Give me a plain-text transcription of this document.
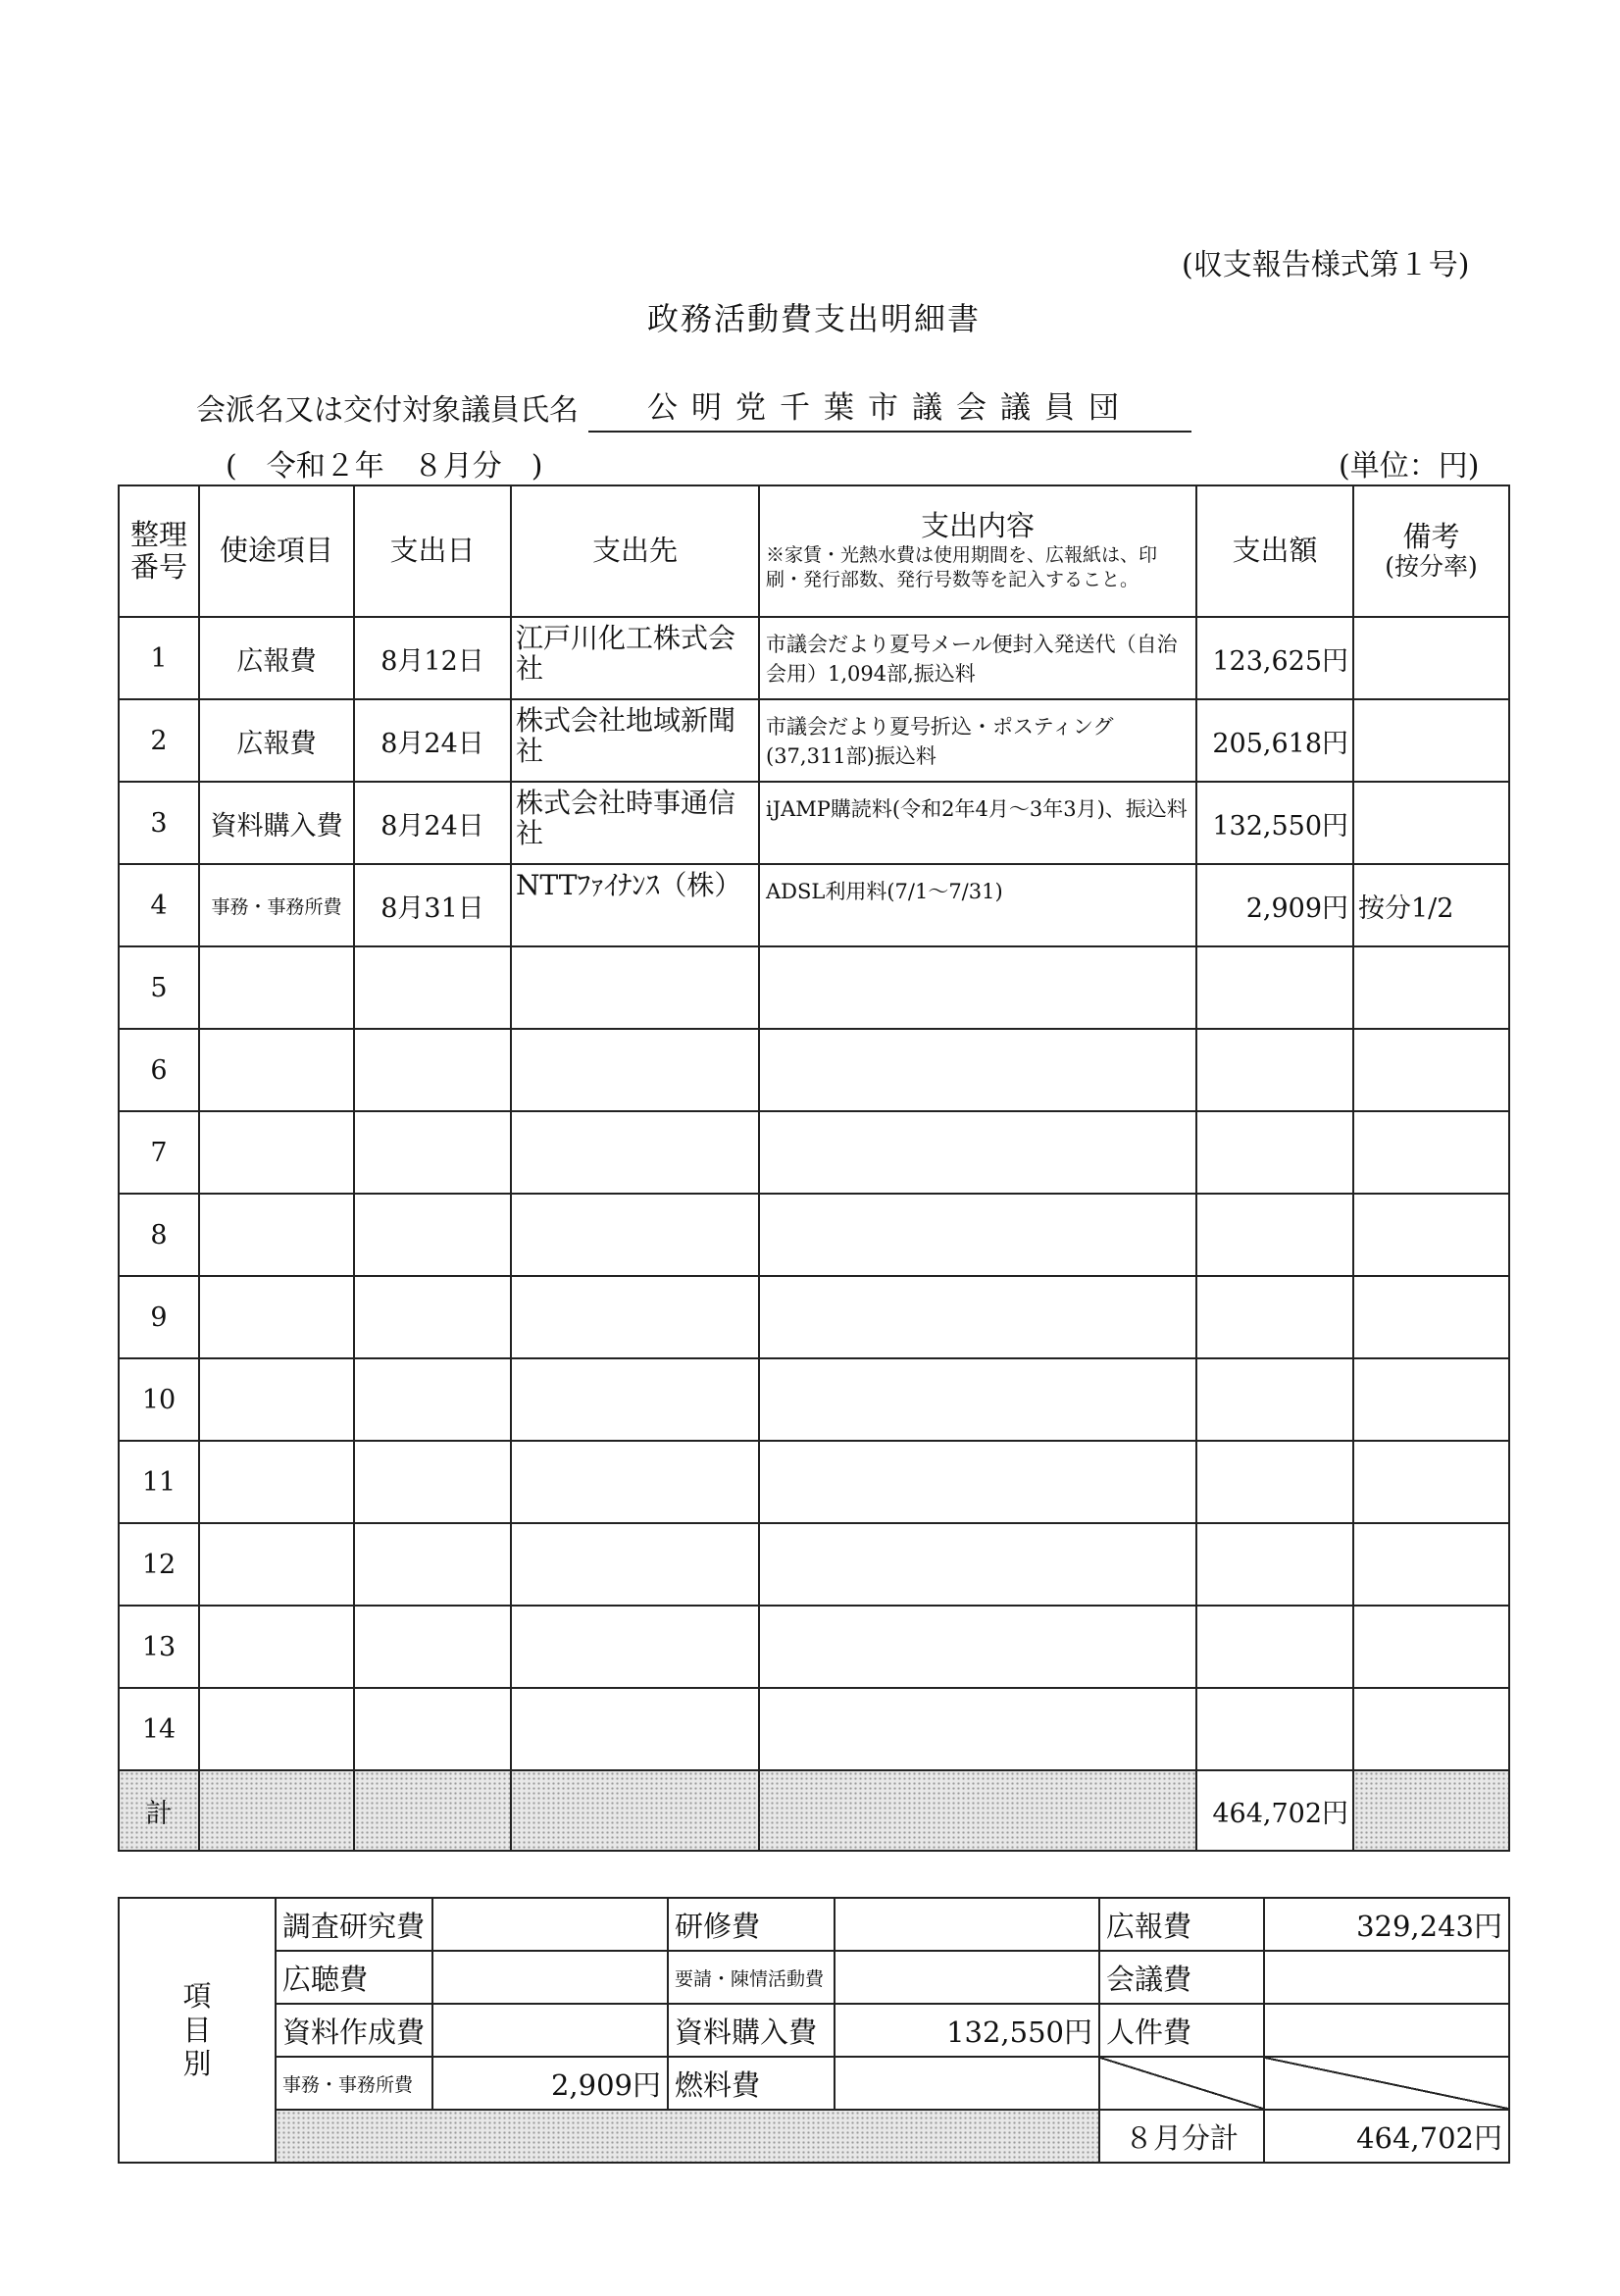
(収支報告様式第１号)
政務活動費支出明細書
会派名又は交付対象議員氏名	公明党千葉市議会議員団
(　令和２年　８月分　)	(単位：円)
整理
番号	使途項目	支出日	支出先	支出内容
※家賃・光熱水費は使用期間を、広報紙は、印刷・発行部数、発行号数等を記入すること。	支出額	備考
(按分率)

1	広報費	8月12日	江戸川化工株式会社	市議会だより夏号メール便封入発送代（自治会用）1,094部,振込料	123,625円	
2	広報費	8月24日	株式会社地域新聞社	市議会だより夏号折込・ポスティング(37,311部)振込料	205,618円	
3	資料購入費	8月24日	株式会社時事通信社	iJAMP購読料(令和2年4月～3年3月)、振込料	132,550円	
4	事務・事務所費	8月31日	NTTﾌｧｲﾅﾝｽ（株）	ADSL利用料(7/1～7/31)	2,909円	按分1/2
5						
6						
7						
8						
9						
10						
11						
12						
13						
14						
計					464,702円	
項
目
別	調査研究費		研修費		広報費	329,243円
	広聴費		要請・陳情活動費		会議費	
	資料作成費		資料購入費	132,550円	人件費	
	事務・事務所費	2,909円	燃料費			
					８月分計	464,702円
